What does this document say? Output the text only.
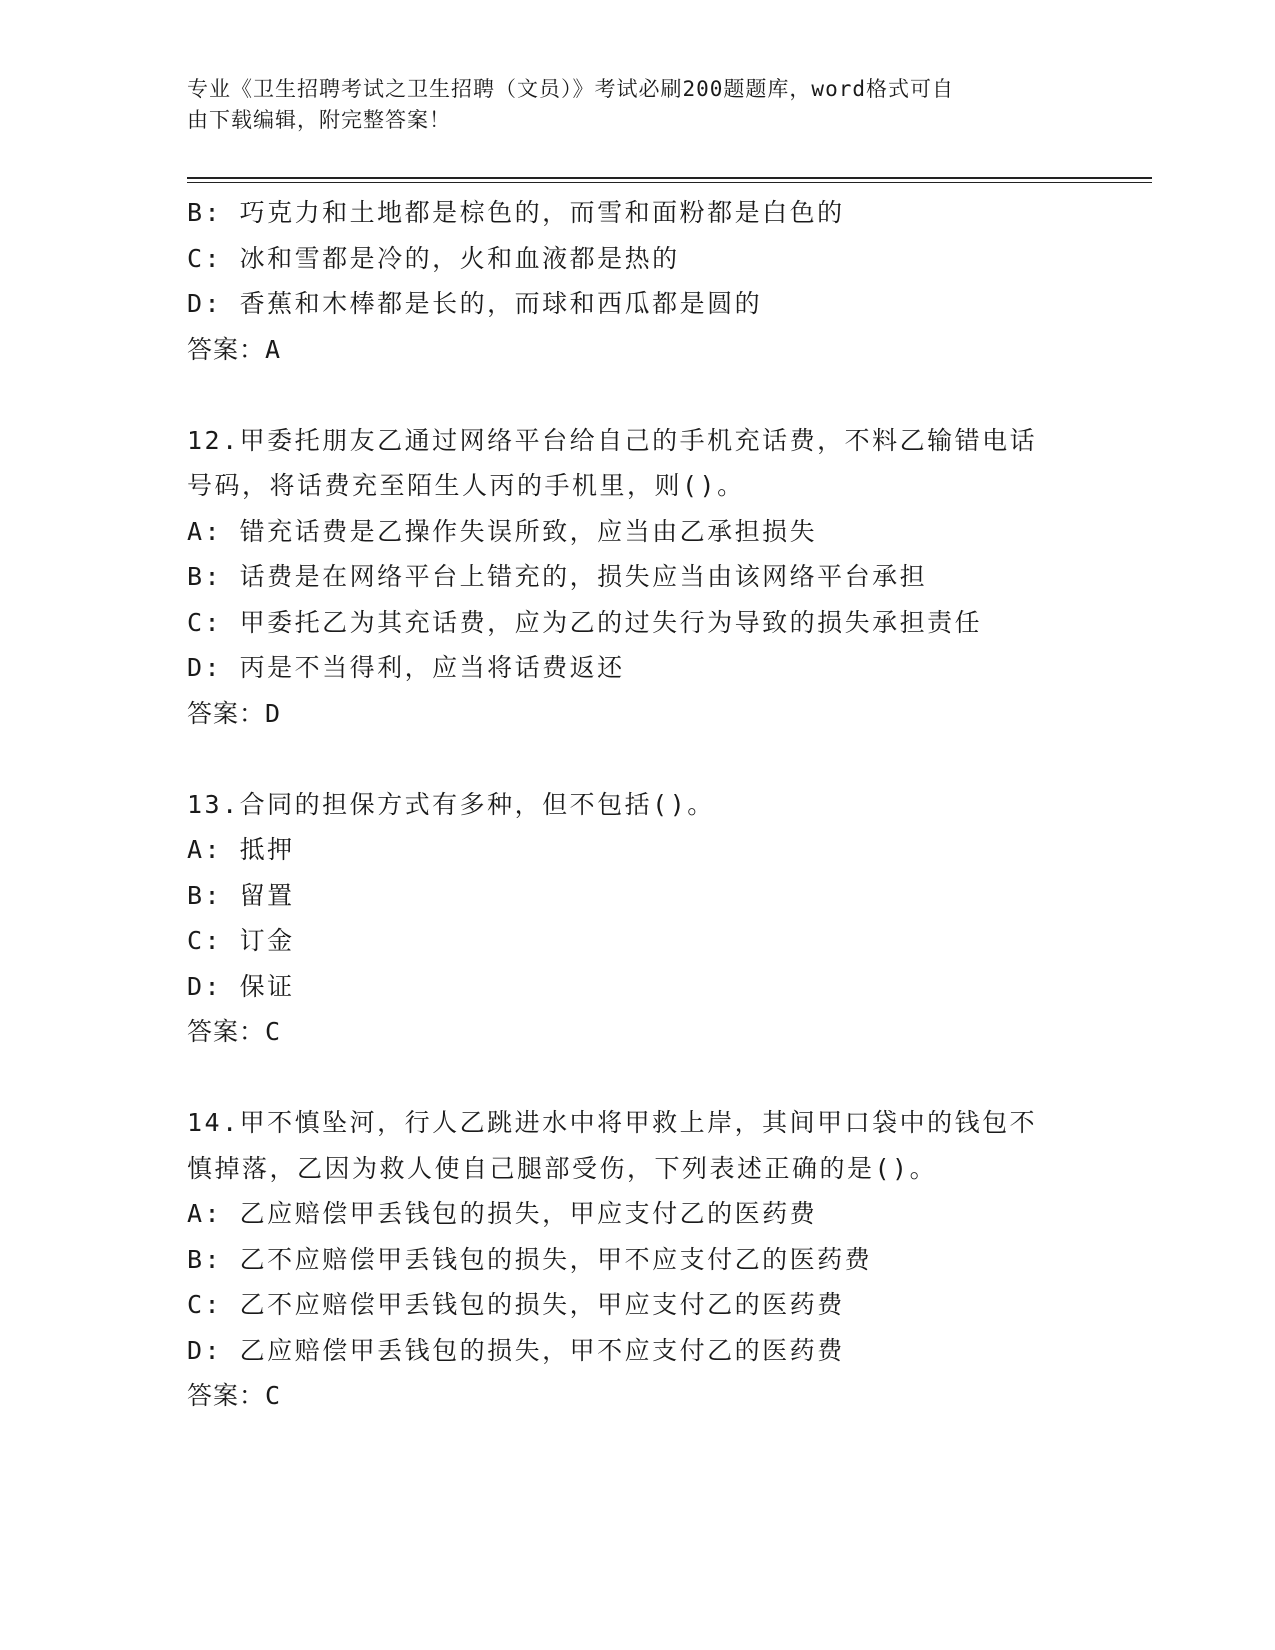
专业《卫生招聘考试之卫生招聘（文员）》考试必刷200题题库，word格式可自
由下载编辑，附完整答案！
B: 巧克力和土地都是棕色的，而雪和面粉都是白色的
C: 冰和雪都是冷的，火和血液都是热的
D: 香蕉和木棒都是长的，而球和西瓜都是圆的
答案：A
12.甲委托朋友乙通过网络平台给自己的手机充话费，不料乙输错电话
号码，将话费充至陌生人丙的手机里，则()。
A: 错充话费是乙操作失误所致，应当由乙承担损失
B: 话费是在网络平台上错充的，损失应当由该网络平台承担
C: 甲委托乙为其充话费，应为乙的过失行为导致的损失承担责任
D: 丙是不当得利，应当将话费返还
答案：D
13.合同的担保方式有多种，但不包括()。
A: 抵押
B: 留置
C: 订金
D: 保证
答案：C
14.甲不慎坠河，行人乙跳进水中将甲救上岸，其间甲口袋中的钱包不
慎掉落，乙因为救人使自己腿部受伤，下列表述正确的是()。
A: 乙应赔偿甲丢钱包的损失，甲应支付乙的医药费
B: 乙不应赔偿甲丢钱包的损失，甲不应支付乙的医药费
C: 乙不应赔偿甲丢钱包的损失，甲应支付乙的医药费
D: 乙应赔偿甲丢钱包的损失，甲不应支付乙的医药费
答案：C
